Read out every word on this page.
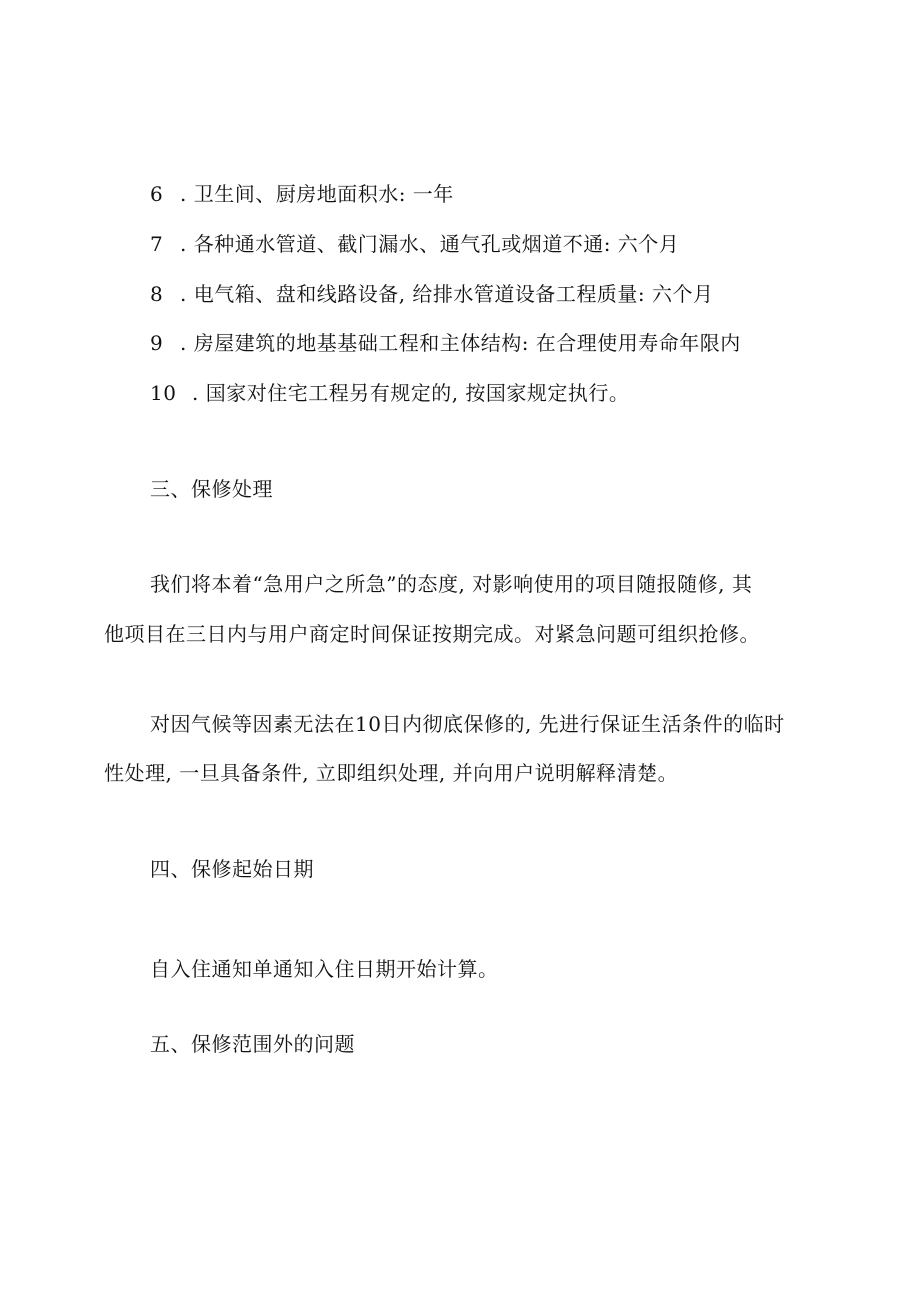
6 . 卫生间、厨房地面积水: 一年
7 . 各种通水管道、截门漏水、通气孔或烟道不通: 六个月
8 . 电气箱、盘和线路设备, 给排水管道设备工程质量: 六个月
9 . 房屋建筑的地基基础工程和主体结构: 在合理使用寿命年限内
10 . 国家对住宅工程另有规定的, 按国家规定执行。
三、保修处理
我们将本着“急用户之所急”的态度, 对影响使用的项目随报随修, 其
他项目在三日内与用户商定时间保证按期完成。对紧急问题可组织抢修。
对因气候等因素无法在10日内彻底保修的, 先进行保证生活条件的临时
性处理, 一旦具备条件, 立即组织处理, 并向用户说明解释清楚。
四、保修起始日期
自入住通知单通知入住日期开始计算。
五、保修范围外的问题
